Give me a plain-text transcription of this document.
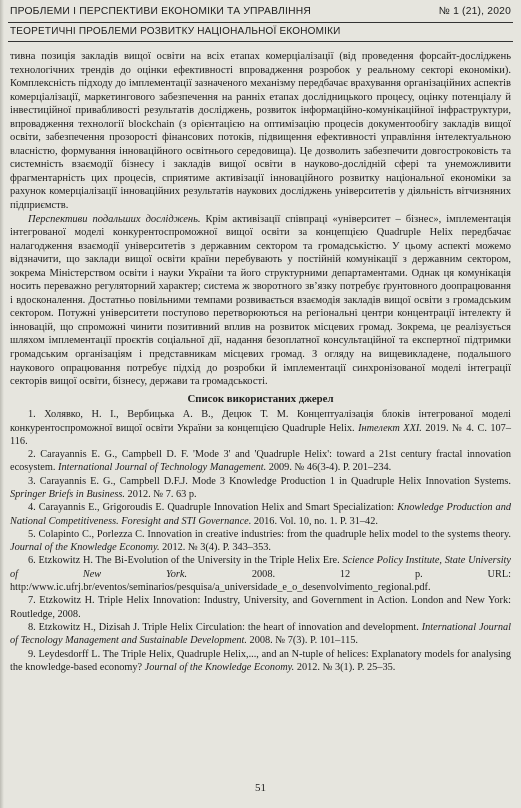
ПРОБЛЕМИ І ПЕРСПЕКТИВИ ЕКОНОМІКИ ТА УПРАВЛІННЯ	№ 1 (21), 2020
ТЕОРЕТИЧНІ ПРОБЛЕМИ РОЗВИТКУ НАЦІОНАЛЬНОЇ ЕКОНОМІКИ

тивна позиція закладів вищої освіти на всіх етапах комерціалізації (від проведення форсайт-досліджень технологічних трендів до оцінки ефективності впровадження розробок у реальному секторі економіки). Комплексність підходу до імплементації зазначеного механізму передбачає врахування організаційних аспектів комерціалізації, маркетингового забезпечення на ранніх етапах дослідницького процесу, оцінку потенціалу й інвестиційної привабливості результатів досліджень, розвиток інформаційно-комунікаційної інфраструктури, впровадження технології blockchain (з орієнтацією на оптимізацію процесів документообігу закладів вищої освіти, забезпечення прозорості фінансових потоків, підвищення ефективності управління інтелектуальною власністю, формування інноваційного освітнього середовища). Це дозволить забезпечити довгостроковість та системність взаємодії бізнесу і закладів вищої освіти в науково-дослідній сфері та унеможливити фрагментарність цих процесів, сприятиме активізації інноваційного розвитку національної економіки за рахунок комерціалізації інноваційних результатів наукових досліджень університетів у діяльність вітчизняних підприємств.

Перспективи подальших досліджень. Крім активізації співпраці «університет – бізнес», імплементація інтегрованої моделі конкурентоспроможної вищої освіти за концепцією Quadruple Helix передбачає налагодження взаємодії університетів з державним сектором та громадськістю. У цьому аспекті можемо відзначити, що заклади вищої освіти країни перебувають у постійній комунікації з державним сектором, зокрема Міністерством освіти і науки України та його структурними департаментами. Однак ця комунікація носить переважно регуляторний характер; система ж зворотного зв’язку потребує ґрунтовного доопрацювання і вдосконалення. Достатньо повільними темпами розвивається взаємодія закладів вищої освіти з громадським сектором. Потужні університети поступово перетворюються на регіональні центри концентрації інтелекту й інновацій, що спроможні чинити позитивний вплив на розвиток місцевих громад. Зокрема, це реалізується шляхом імплементації проєктів соціальної дії, надання безоплатної консультаційної та експертної підтримки громадським організаціям і представникам місцевих громад. З огляду на вищевикладене, подальшого наукового опрацювання потребує підхід до розробки й імплементації синхронізованої моделі інтеграції секторів вищої освіти, бізнесу, держави та громадськості.

Список використаних джерел

1. Холявко, Н. І., Вербицька А. В., Децюк Т. М. Концептуалізація блоків інтегрованої моделі конкурентоспроможної вищої освіти України за концепцією Quadruple Helix. Інтелект XXI. 2019. № 4. С. 107–116.

2. Carayannis E. G., Campbell D. F. 'Mode 3' and 'Quadruple Helix': toward a 21st century fractal innovation ecosystem. International Journal of Technology Management. 2009. № 46(3-4). P. 201–234.

3. Carayannis E. G., Campbell D.F.J. Mode 3 Knowledge Production 1 in Quadruple Helix Innovation Systems. Springer Briefs in Business. 2012. № 7. 63 p.

4. Carayannis E., Grigoroudis E. Quadruple Innovation Helix and Smart Specialization: Knowledge Production and National Competitiveness. Foresight and STI Governance. 2016. Vol. 10, no. 1. P. 31–42.

5. Colapinto C., Porlezza C. Innovation in creative industries: from the quadruple helix model to the systems theory. Journal of the Knowledge Economy. 2012. № 3(4). P. 343–353.

6. Etzkowitz H. The Bi-Evolution of the University in the Triple Helix Ere. Science Policy Institute, State University of New York. 2008. 12 p. URL: http:/www.ic.ufrj.br/eventos/seminarios/pesquisa/a_universidade_e_o_desenvolvimento_regional.pdf.

7. Etzkowitz H. Triple Helix Innovation: Industry, University, and Government in Action. London and New York: Routledge, 2008.

8. Etzkowitz H., Dizisah J. Triple Helix Circulation: the heart of innovation and development. International Journal of Tecnology Management and Sustainable Development. 2008. № 7(3). P. 101–115.

9. Leydesdorff L. The Triple Helix, Quadruple Helix,..., and an N-tuple of helices: Explanatory models for analysing the knowledge-based economy? Journal of the Knowledge Economy. 2012. № 3(1). P. 25–35.

51
